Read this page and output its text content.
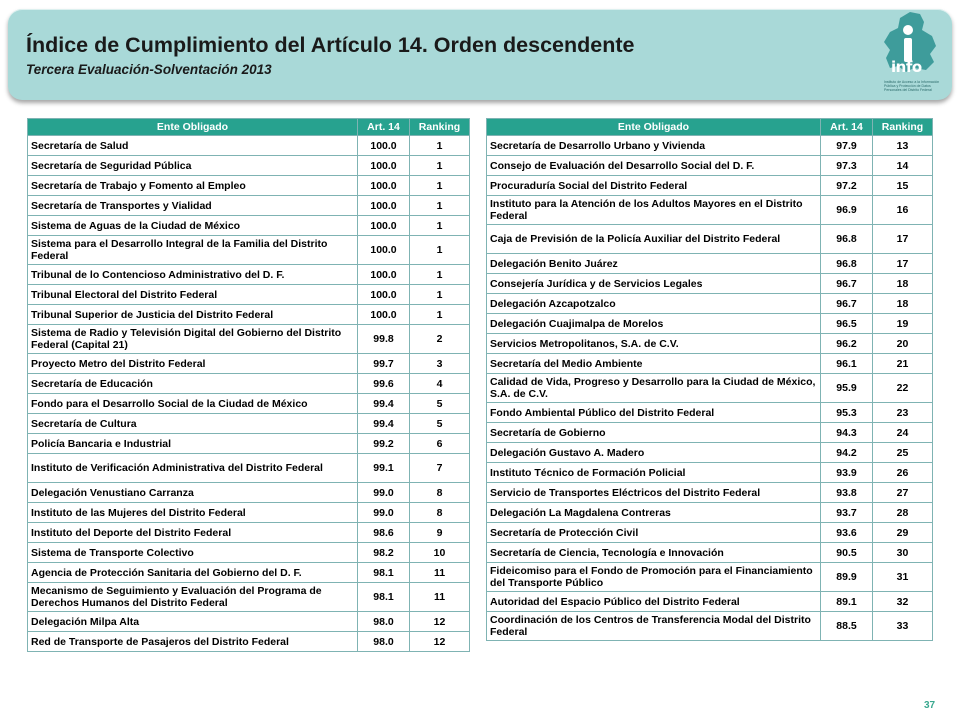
Índice de Cumplimiento del Artículo 14. Orden descendente
Tercera Evaluación-Solventación 2013	info
Instituto de Acceso a la Información Pública y Protección de Datos Personales del Distrito Federal
Ente Obligado	Art. 14	Ranking
Secretaría de Salud	100.0	1
Secretaría de Seguridad Pública	100.0	1
Secretaría de Trabajo y Fomento al Empleo	100.0	1
Secretaría de Transportes y Vialidad	100.0	1
Sistema de Aguas de la Ciudad de México	100.0	1
Sistema para el Desarrollo Integral de la Familia del Distrito Federal	100.0	1
Tribunal de lo Contencioso Administrativo del D. F.	100.0	1
Tribunal Electoral del Distrito Federal	100.0	1
Tribunal Superior de Justicia del Distrito Federal	100.0	1
Sistema de Radio y Televisión Digital del Gobierno del Distrito Federal (Capital 21)	99.8	2
Proyecto Metro del Distrito Federal	99.7	3
Secretaría de Educación	99.6	4
Fondo para el Desarrollo Social de la Ciudad de México	99.4	5
Secretaría de Cultura	99.4	5
Policía Bancaria e Industrial	99.2	6
Instituto de Verificación Administrativa del Distrito Federal	99.1	7
Delegación Venustiano Carranza	99.0	8
Instituto de las Mujeres del Distrito Federal	99.0	8
Instituto del Deporte del Distrito Federal	98.6	9
Sistema de Transporte Colectivo	98.2	10
Agencia de Protección Sanitaria del Gobierno del D. F.	98.1	11
Mecanismo de Seguimiento y Evaluación del Programa de Derechos Humanos del Distrito Federal	98.1	11
Delegación Milpa Alta	98.0	12
Red de Transporte de Pasajeros del Distrito Federal	98.0	12
Ente Obligado	Art. 14	Ranking
Secretaría de Desarrollo Urbano y Vivienda	97.9	13
Consejo de Evaluación del Desarrollo Social del D. F.	97.3	14
Procuraduría Social del Distrito Federal	97.2	15
Instituto para la Atención de los Adultos Mayores en el Distrito Federal	96.9	16
Caja de Previsión de la Policía Auxiliar del Distrito Federal	96.8	17
Delegación Benito Juárez	96.8	17
Consejería Jurídica y de Servicios Legales	96.7	18
Delegación Azcapotzalco	96.7	18
Delegación Cuajimalpa de Morelos	96.5	19
Servicios Metropolitanos, S.A. de C.V.	96.2	20
Secretaría del Medio Ambiente	96.1	21
Calidad de Vida, Progreso y Desarrollo para la Ciudad de México, S.A. de C.V.	95.9	22
Fondo Ambiental Público del Distrito Federal	95.3	23
Secretaría de Gobierno	94.3	24
Delegación Gustavo A. Madero	94.2	25
Instituto Técnico de Formación Policial	93.9	26
Servicio de Transportes Eléctricos del Distrito Federal	93.8	27
Delegación La Magdalena Contreras	93.7	28
Secretaría de Protección Civil	93.6	29
Secretaría de Ciencia, Tecnología e Innovación	90.5	30
Fideicomiso para el Fondo de Promoción para el Financiamiento del Transporte Público	89.9	31
Autoridad del Espacio Público del Distrito Federal	89.1	32
Coordinación de los Centros de Transferencia Modal del Distrito Federal	88.5	33
37
